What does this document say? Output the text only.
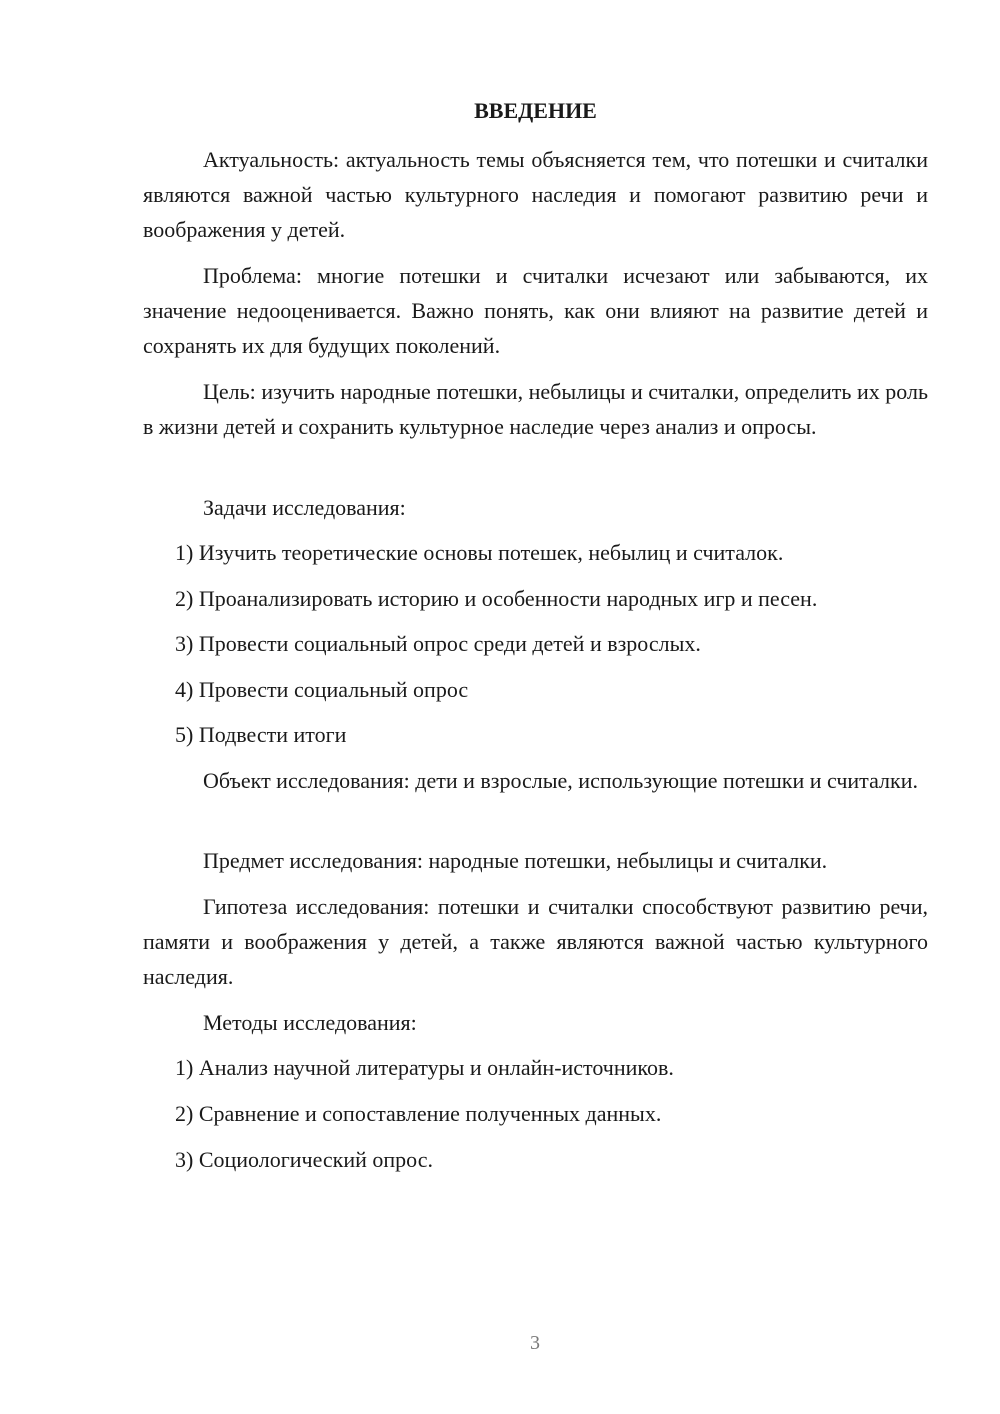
ВВЕДЕНИЕ

Актуальность: актуальность темы объясняется тем, что потешки и считалки являются важной частью культурного наследия и помогают развитию речи и воображения у детей.

Проблема: многие потешки и считалки исчезают или забываются, их значение недооценивается. Важно понять, как они влияют на развитие детей и сохранять их для будущих поколений.

Цель: изучить народные потешки, небылицы и считалки, определить их роль в жизни детей и сохранить культурное наследие через анализ и опросы.

Задачи исследования:

1) Изучить теоретические основы потешек, небылиц и считалок.

2) Проанализировать историю и особенности народных игр и песен.

3) Провести социальный опрос среди детей и взрослых.

4) Провести социальный опрос

5) Подвести итоги

Объект исследования: дети и взрослые, использующие потешки и считалки.

Предмет исследования: народные потешки, небылицы и считалки.

Гипотеза исследования: потешки и считалки способствуют развитию речи, памяти и воображения у детей, а также являются важной частью культурного наследия.

Методы исследования:

1) Анализ научной литературы и онлайн-источников.

2) Сравнение и сопоставление полученных данных.

3) Социологический опрос.

3
